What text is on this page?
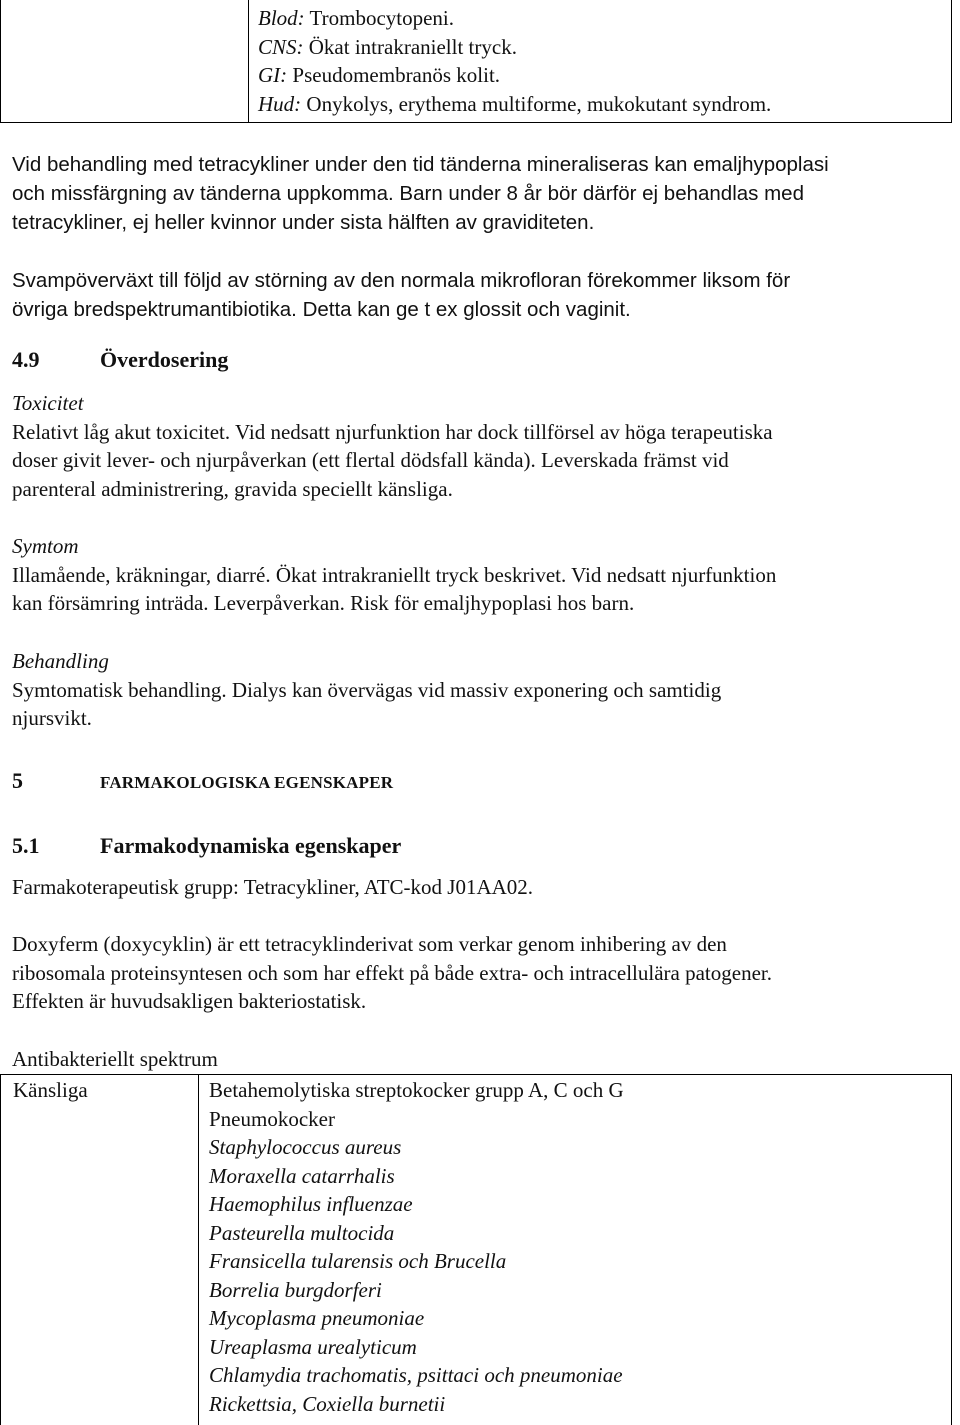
Blod: Trombocytopeni.
CNS: Ökat intrakraniellt tryck.
GI: Pseudomembranös kolit.
Hud: Onykolys, erythema multiforme, mukokutant syndrom.
Vid behandling med tetracykliner under den tid tänderna mineraliseras kan emaljhypoplasi
och missfärgning av tänderna uppkomma. Barn under 8 år bör därför ej behandlas med
tetracykliner, ej heller kvinnor under sista hälften av graviditeten.
Svampöverväxt till följd av störning av den normala mikrofloran förekommer liksom för
övriga bredspektrumantibiotika. Detta kan ge t ex glossit och vaginit.
4.9	Överdosering
Toxicitet
Relativt låg akut toxicitet. Vid nedsatt njurfunktion har dock tillförsel av höga terapeutiska
doser givit lever- och njurpåverkan (ett flertal dödsfall kända). Leverskada främst vid
parenteral administrering, gravida speciellt känsliga.
Symtom
Illamående, kräkningar, diarré. Ökat intrakraniellt tryck beskrivet. Vid nedsatt njurfunktion
kan försämring inträda. Leverpåverkan. Risk för emaljhypoplasi hos barn.
Behandling
Symtomatisk behandling. Dialys kan övervägas vid massiv exponering och samtidig
njursvikt.
5	FARMAKOLOGISKA EGENSKAPER
5.1	Farmakodynamiska egenskaper
Farmakoterapeutisk grupp: Tetracykliner, ATC-kod J01AA02.
Doxyferm (doxycyklin) är ett tetracyklinderivat som verkar genom inhibering av den
ribosomala proteinsyntesen och som har effekt på både extra- och intracellulära patogener.
Effekten är huvudsakligen bakteriostatisk.
Antibakteriellt spektrum
Känsliga	Betahemolytiska streptokocker grupp A, C och G
Pneumokocker
Staphylococcus aureus
Moraxella catarrhalis
Haemophilus influenzae
Pasteurella multocida
Fransicella tularensis och Brucella
Borrelia burgdorferi
Mycoplasma pneumoniae
Ureaplasma urealyticum
Chlamydia trachomatis, psittaci och pneumoniae
Rickettsia, Coxiella burnetii
